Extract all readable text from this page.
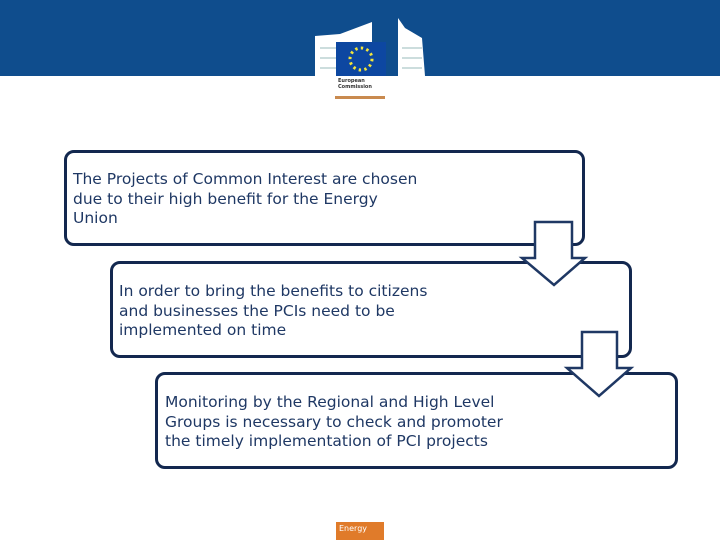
European
Commission
The Projects of Common Interest are chosen
due to their high benefit for the Energy
Union
In order to bring the benefits to citizens
and businesses the PCIs need to be
implemented on time
Monitoring by the Regional and High Level
Groups is necessary to check and promoter
the timely implementation of PCI projects
Energy
